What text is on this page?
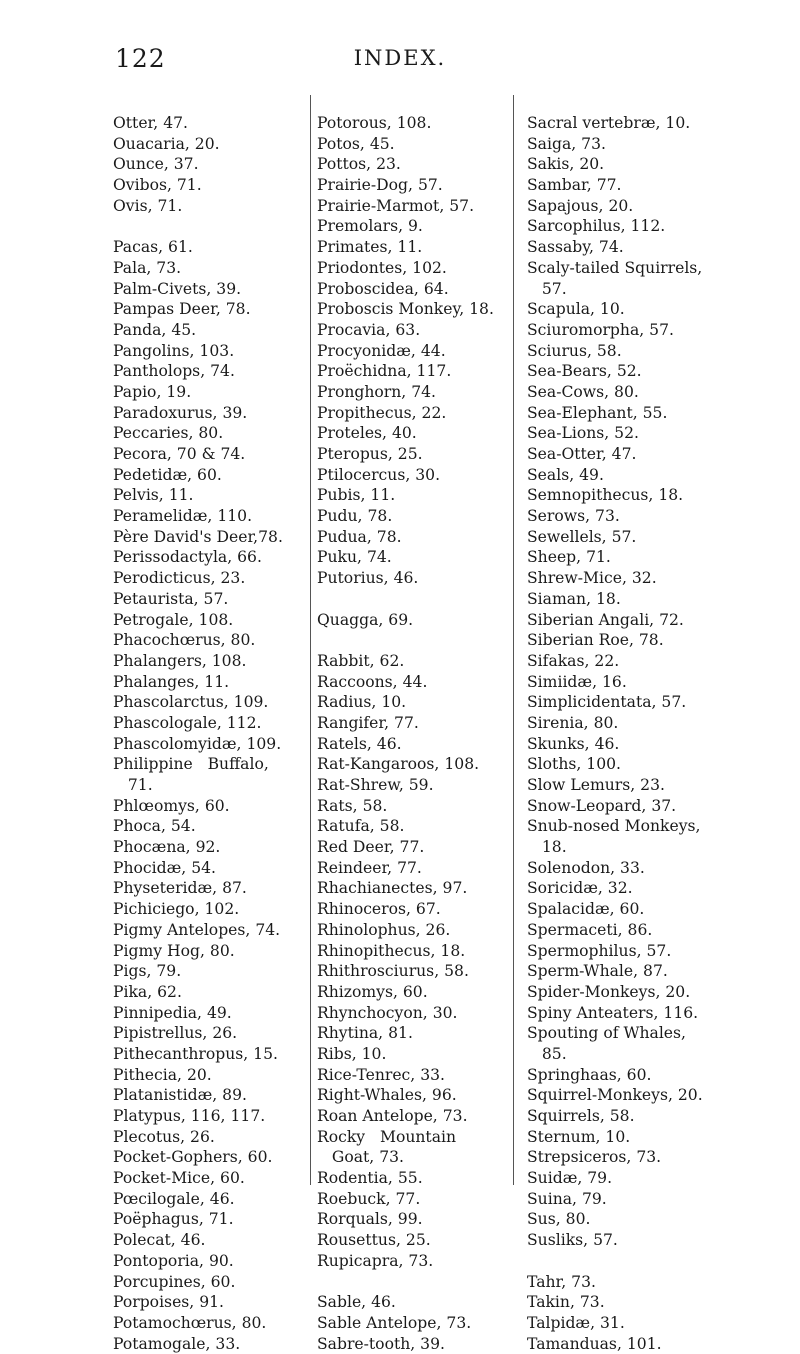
122	INDEX.
Otter, 47.
Ouacaria, 20.
Ounce, 37.
Ovibos, 71.
Ovis, 71.
Pacas, 61.
Pala, 73.
Palm-Civets, 39.
Pampas Deer, 78.
Panda, 45.
Pangolins, 103.
Pantholops, 74.
Papio, 19.
Paradoxurus, 39.
Peccaries, 80.
Pecora, 70 & 74.
Pedetidæ, 60.
Pelvis, 11.
Peramelidæ, 110.
Père David's Deer,78.
Perissodactyla, 66.
Perodicticus, 23.
Petaurista, 57.
Petrogale, 108.
Phacochœrus, 80.
Phalangers, 108.
Phalanges, 11.
Phascolarctus, 109.
Phascologale, 112.
Phascolomyidæ, 109.
Philippine   Buffalo,
71.
Phlœomys, 60.
Phoca, 54.
Phocæna, 92.
Phocidæ, 54.
Physeteridæ, 87.
Pichiciego, 102.
Pigmy Antelopes, 74.
Pigmy Hog, 80.
Pigs, 79.
Pika, 62.
Pinnipedia, 49.
Pipistrellus, 26.
Pithecanthropus, 15.
Pithecia, 20.
Platanistidæ, 89.
Platypus, 116, 117.
Plecotus, 26.
Pocket-Gophers, 60.
Pocket-Mice, 60.
Pœcilogale, 46.
Poëphagus, 71.
Polecat, 46.
Pontoporia, 90.
Porcupines, 60.
Porpoises, 91.
Potamochœrus, 80.
Potamogale, 33.
Potorous, 108.
Potos, 45.
Pottos, 23.
Prairie-Dog, 57.
Prairie-Marmot, 57.
Premolars, 9.
Primates, 11.
Priodontes, 102.
Proboscidea, 64.
Proboscis Monkey, 18.
Procavia, 63.
Procyonidæ, 44.
Proëchidna, 117.
Pronghorn, 74.
Propithecus, 22.
Proteles, 40.
Pteropus, 25.
Ptilocercus, 30.
Pubis, 11.
Pudu, 78.
Pudua, 78.
Puku, 74.
Putorius, 46.
Quagga, 69.
Rabbit, 62.
Raccoons, 44.
Radius, 10.
Rangifer, 77.
Ratels, 46.
Rat-Kangaroos, 108.
Rat-Shrew, 59.
Rats, 58.
Ratufa, 58.
Red Deer, 77.
Reindeer, 77.
Rhachianectes, 97.
Rhinoceros, 67.
Rhinolophus, 26.
Rhinopithecus, 18.
Rhithrosciurus, 58.
Rhizomys, 60.
Rhynchocyon, 30.
Rhytina, 81.
Ribs, 10.
Rice-Tenrec, 33.
Right-Whales, 96.
Roan Antelope, 73.
Rocky   Mountain
Goat, 73.
Rodentia, 55.
Roebuck, 77.
Rorquals, 99.
Rousettus, 25.
Rupicapra, 73.
Sable, 46.
Sable Antelope, 73.
Sabre-tooth, 39.
Sacral vertebræ, 10.
Saiga, 73.
Sakis, 20.
Sambar, 77.
Sapajous, 20.
Sarcophilus, 112.
Sassaby, 74.
Scaly-tailed Squirrels,
57.
Scapula, 10.
Sciuromorpha, 57.
Sciurus, 58.
Sea-Bears, 52.
Sea-Cows, 80.
Sea-Elephant, 55.
Sea-Lions, 52.
Sea-Otter, 47.
Seals, 49.
Semnopithecus, 18.
Serows, 73.
Sewellels, 57.
Sheep, 71.
Shrew-Mice, 32.
Siaman, 18.
Siberian Angali, 72.
Siberian Roe, 78.
Sifakas, 22.
Simiidæ, 16.
Simplicidentata, 57.
Sirenia, 80.
Skunks, 46.
Sloths, 100.
Slow Lemurs, 23.
Snow-Leopard, 37.
Snub-nosed Monkeys,
18.
Solenodon, 33.
Soricidæ, 32.
Spalacidæ, 60.
Spermaceti, 86.
Spermophilus, 57.
Sperm-Whale, 87.
Spider-Monkeys, 20.
Spiny Anteaters, 116.
Spouting of Whales,
85.
Springhaas, 60.
Squirrel-Monkeys, 20.
Squirrels, 58.
Sternum, 10.
Strepsiceros, 73.
Suidæ, 79.
Suina, 79.
Sus, 80.
Susliks, 57.
Tahr, 73.
Takin, 73.
Talpidæ, 31.
Tamanduas, 101.
